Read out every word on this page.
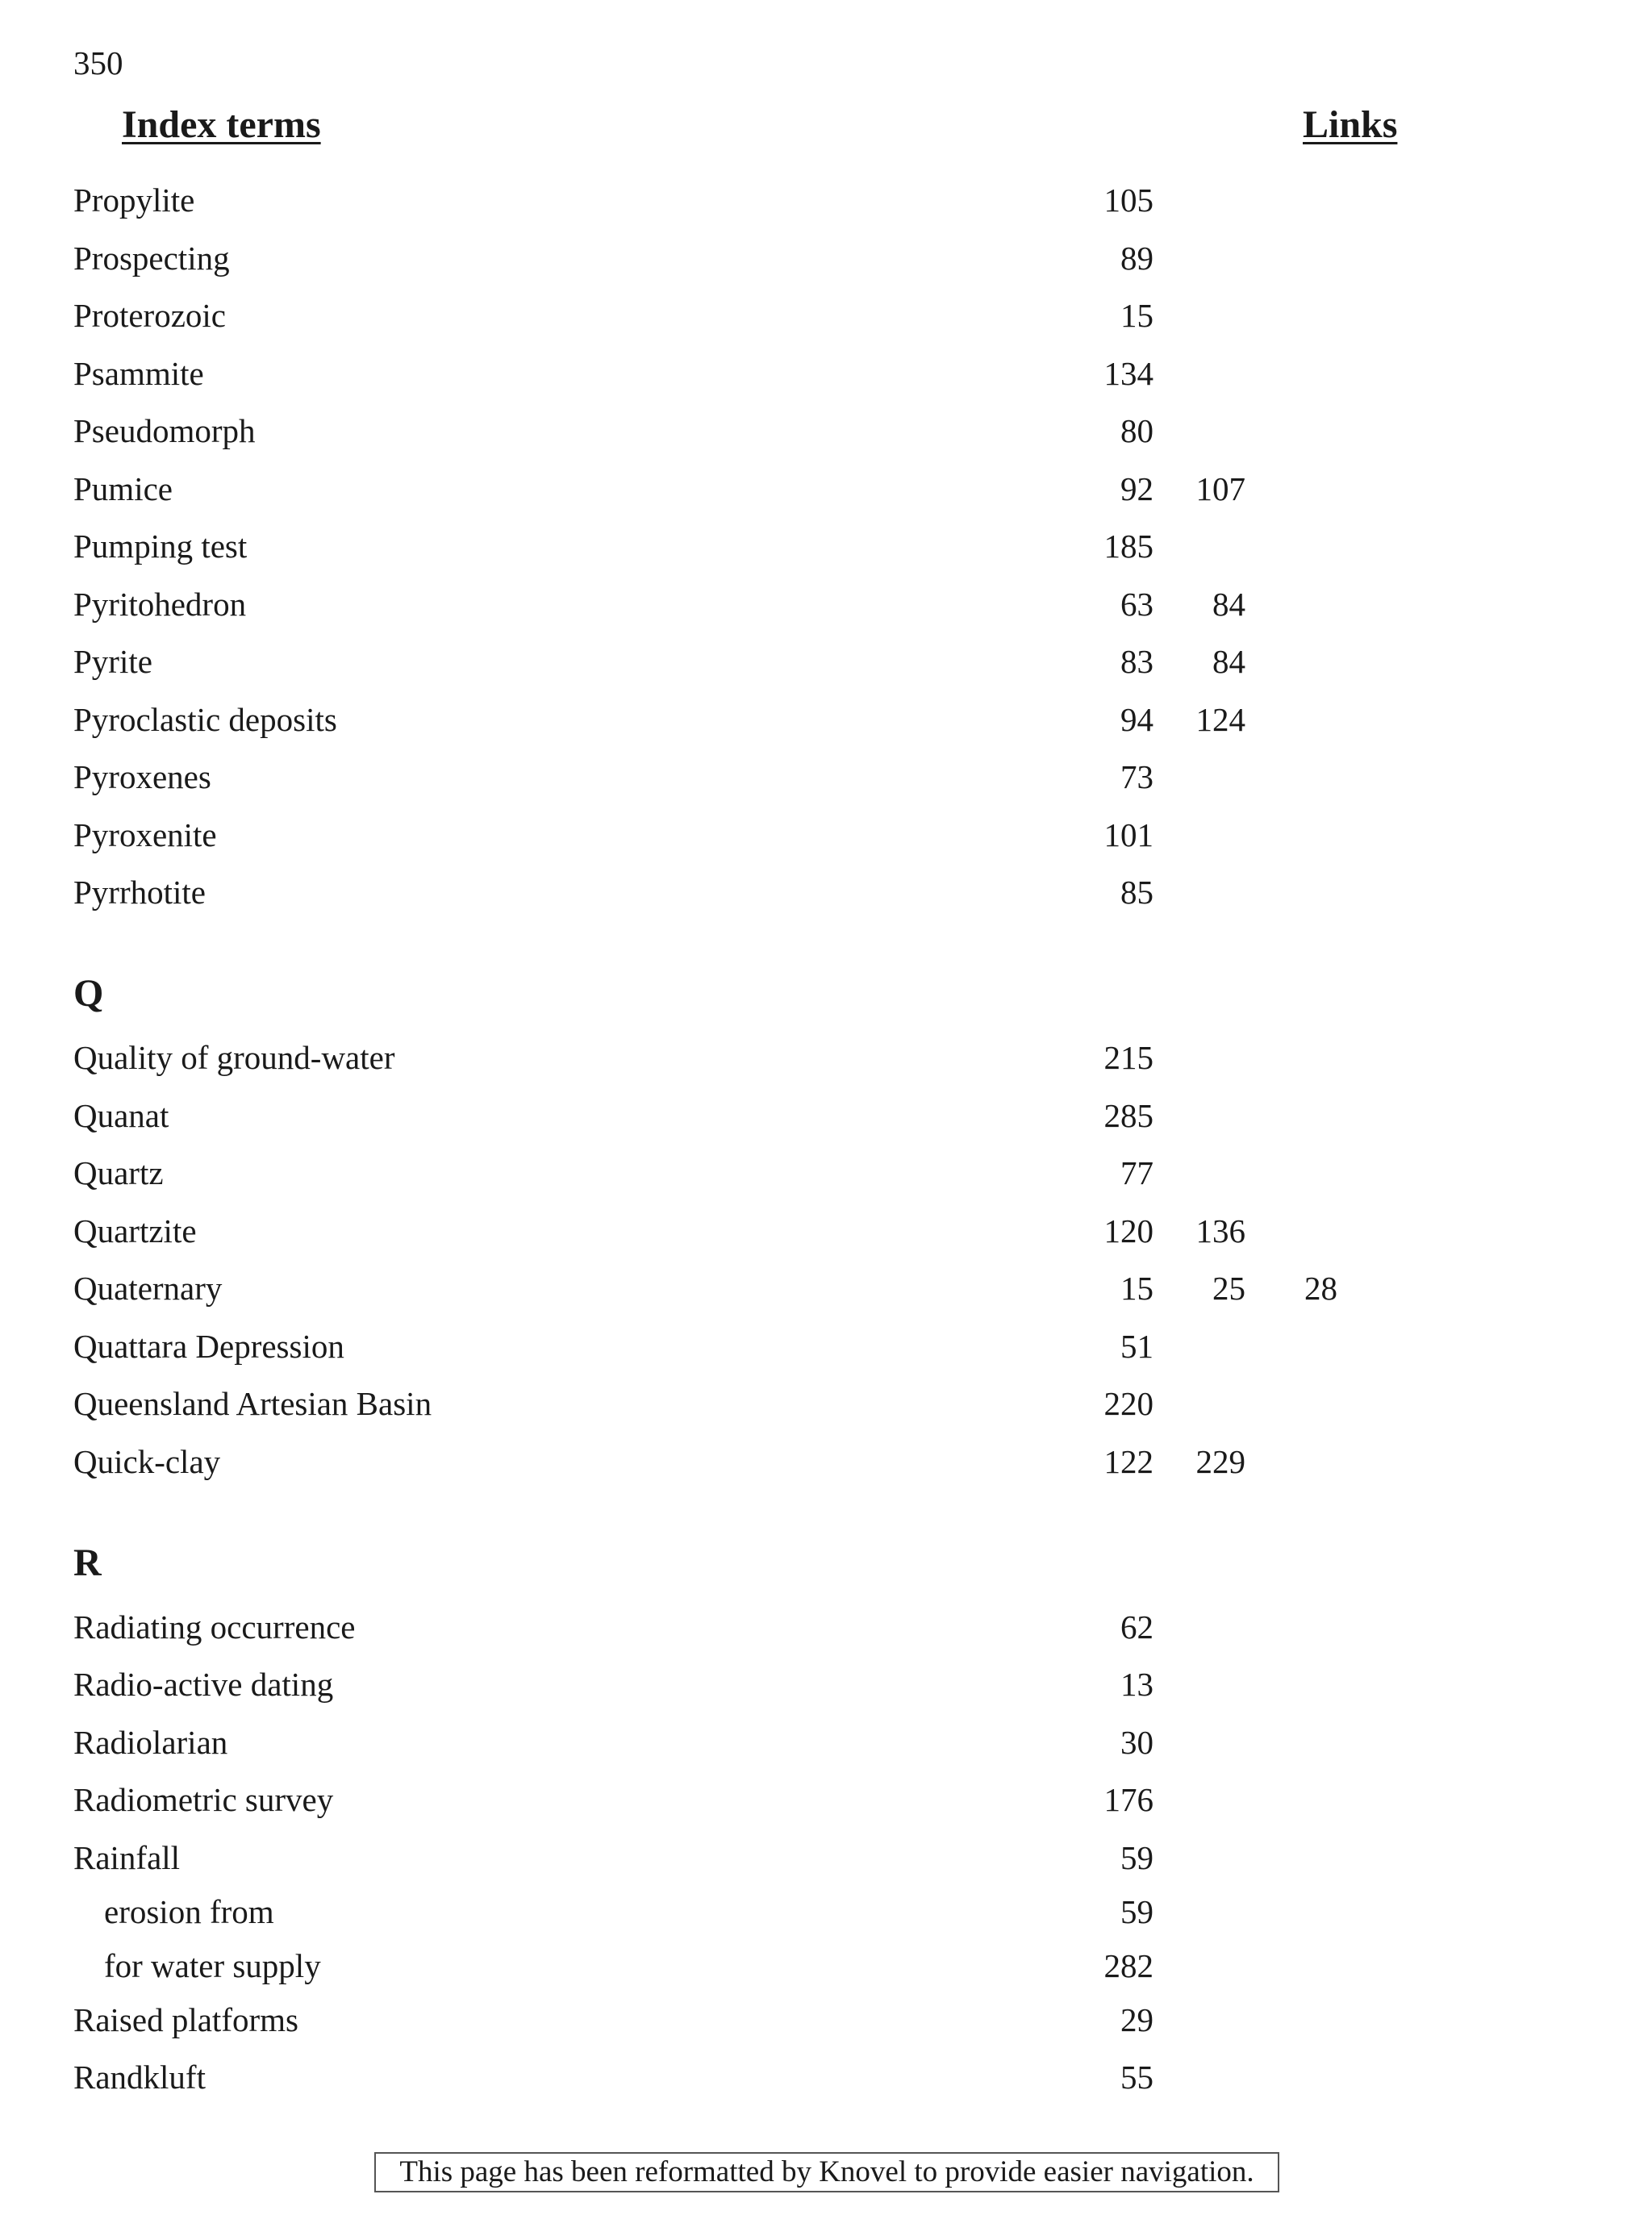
350
Index terms	Links
Propylite	105
Prospecting	89
Proterozoic	15
Psammite	134
Pseudomorph	80
Pumice	92	107
Pumping test	185
Pyritohedron	63	84
Pyrite	83	84
Pyroclastic deposits	94	124
Pyroxenes	73
Pyroxenite	101
Pyrrhotite	85
Q
Quality of ground-water	215
Quanat	285
Quartz	77
Quartzite	120	136
Quaternary	15	25	28
Quattara Depression	51
Queensland Artesian Basin	220
Quick-clay	122	229
R
Radiating occurrence	62
Radio-active dating	13
Radiolarian	30
Radiometric survey	176
Rainfall	59
erosion from	59
for water supply	282
Raised platforms	29
Randkluft	55
This page has been reformatted by Knovel to provide easier navigation.
